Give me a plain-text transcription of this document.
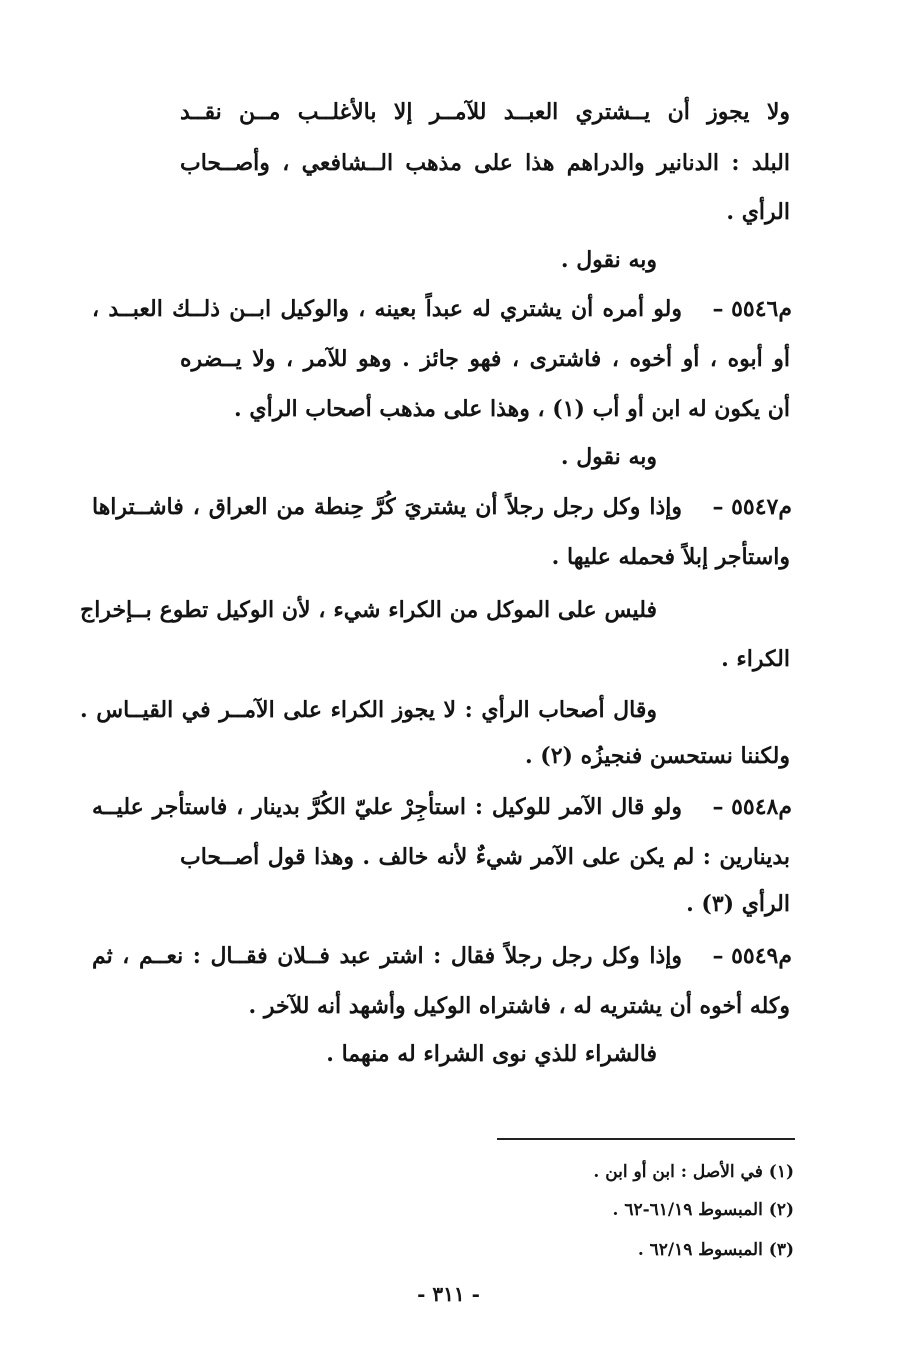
ولا يجوز أن يــشتري العبــد للآمــر إلا بالأغلــب مــن نقــد
البلد : الدنانير والدراهم هذا على مذهب الــشافعي ، وأصــحاب
الرأي .
وبه نقول .
م٥٥٤٦ –
ولو أمره أن يشتري له عبداً بعينه ، والوكيل ابــن ذلــك العبــد ،
أو أبوه ، أو أخوه ، فاشترى ، فهو جائز . وهو للآمر ، ولا يــضره
أن يكون له ابن أو أب (١) ، وهذا على مذهب أصحاب الرأي .
وبه نقول .
م٥٥٤٧ –
وإذا وكل رجل رجلاً أن يشتريَ كُرَّ حِنطة من العراق ، فاشــتراها
واستأجر إبلاً فحمله عليها .
فليس على الموكل من الكراء شيء ، لأن الوكيل تطوع بــإخراج
الكراء .
وقال أصحاب الرأي : لا يجوز الكراء على الآمــر في القيــاس .
ولكننا نستحسن فنجيزُه (٢) .
م٥٥٤٨ –
ولو قال الآمر للوكيل : استأجِرْ عليّ الكُرَّ بدينار ، فاستأجر عليــه
بدينارين : لم يكن على الآمر شيءٌ لأنه خالف . وهذا قول أصــحاب
الرأي (٣) .
م٥٥٤٩ –
وإذا وكل رجل رجلاً فقال : اشتر عبد فــلان فقــال : نعــم ، ثم
وكله أخوه أن يشتريه له ، فاشتراه الوكيل وأشهد أنه للآخر .
فالشراء للذي نوى الشراء له منهما .
(١) في الأصل : ابن أو ابن .
(٢) المبسوط ٦١/١٩-٦٢ .
(٣) المبسوط ٦٢/١٩ .
- ٣١١ -
